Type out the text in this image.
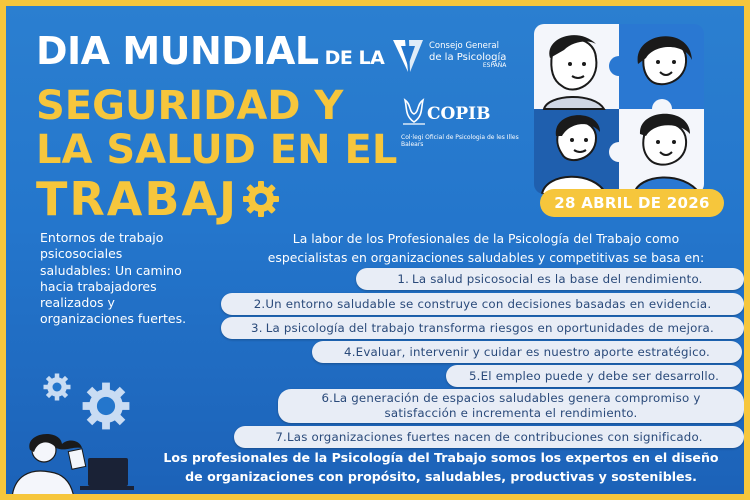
DIA MUNDIAL DE LA
SEGURIDAD Y
LA SALUD EN EL
TRABAJ
Consejo General
de la Psicología
ESPAÑA
COPIB
Col·legi Oficial de Psicologia de les Illes Balears
28 ABRIL DE 2026
Entornos de trabajo psicosociales saludables: Un camino hacia trabajadores realizados y organizaciones fuertes.
La labor de los Profesionales de la Psicología del Trabajo como
especialistas en organizaciones saludables y competitivas se basa en:
1. La salud psicosocial es la base del rendimiento.
2. Un entorno saludable se construye con decisiones basadas en evidencia.
3. La psicología del trabajo transforma riesgos en oportunidades de mejora.
4. Evaluar, intervenir y cuidar es nuestro aporte estratégico.
5. El empleo puede y debe ser desarrollo.
6.La generación de espacios saludables genera compromiso y
satisfacción e incrementa el rendimiento.
7. Las organizaciones fuertes nacen de contribuciones con significado.
Los profesionales de la Psicología del Trabajo somos los expertos en el diseño
de organizaciones con propósito, saludables, productivas y sostenibles.
